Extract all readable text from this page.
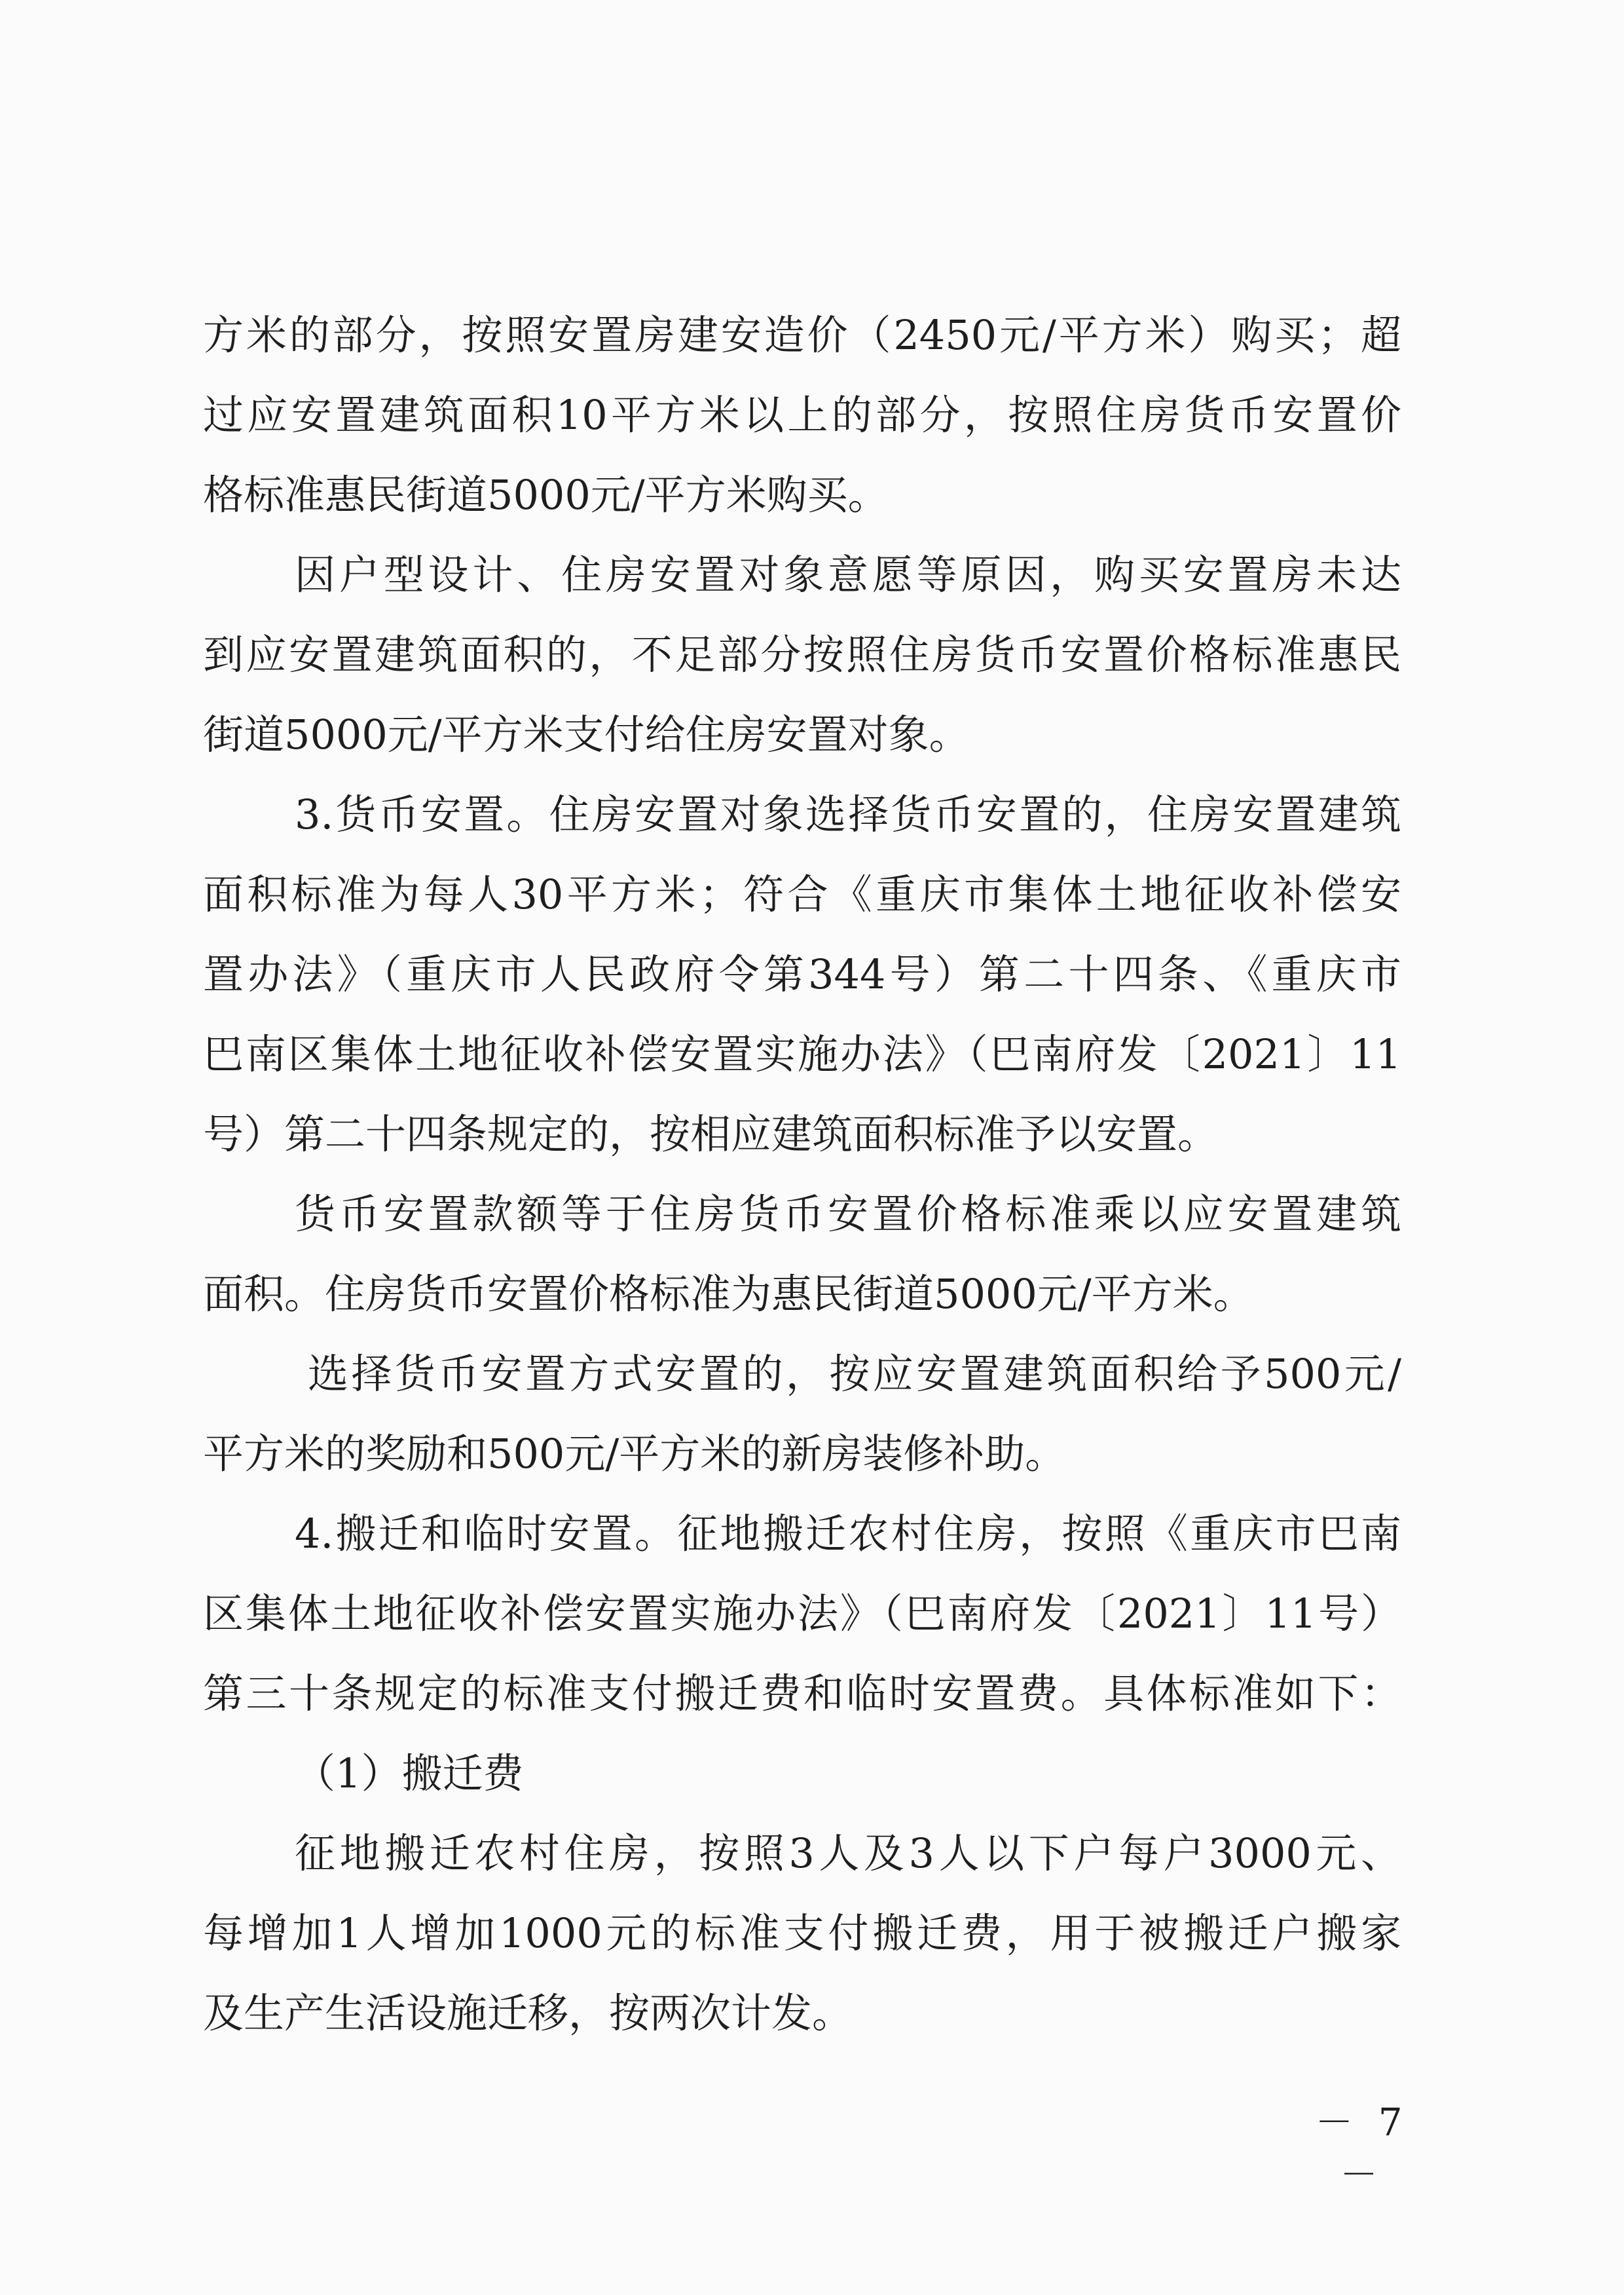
方米的部分，按照安置房建安造价（2450元/平方米）购买；超
过应安置建筑面积10平方米以上的部分，按照住房货币安置价
格标准惠民街道5000元/平方米购买。
因户型设计、住房安置对象意愿等原因，购买安置房未达
到应安置建筑面积的，不足部分按照住房货币安置价格标准惠民
街道5000元/平方米支付给住房安置对象。
3.货币安置。住房安置对象选择货币安置的，住房安置建筑
面积标准为每人30平方米；符合《重庆市集体土地征收补偿安
置办法》（重庆市人民政府令第344号）第二十四条、《重庆市
巴南区集体土地征收补偿安置实施办法》（巴南府发〔2021〕11
号）第二十四条规定的，按相应建筑面积标准予以安置。
货币安置款额等于住房货币安置价格标准乘以应安置建筑
面积。住房货币安置价格标准为惠民街道5000元/平方米。
选择货币安置方式安置的，按应安置建筑面积给予500元/
平方米的奖励和500元/平方米的新房装修补助。
4.搬迁和临时安置。征地搬迁农村住房，按照《重庆市巴南
区集体土地征收补偿安置实施办法》（巴南府发〔2021〕11号）
第三十条规定的标准支付搬迁费和临时安置费。具体标准如下：
（1）搬迁费
征地搬迁农村住房，按照3人及3人以下户每户3000元、
每增加1人增加1000元的标准支付搬迁费，用于被搬迁户搬家
及生产生活设施迁移，按两次计发。
－ 7 －
